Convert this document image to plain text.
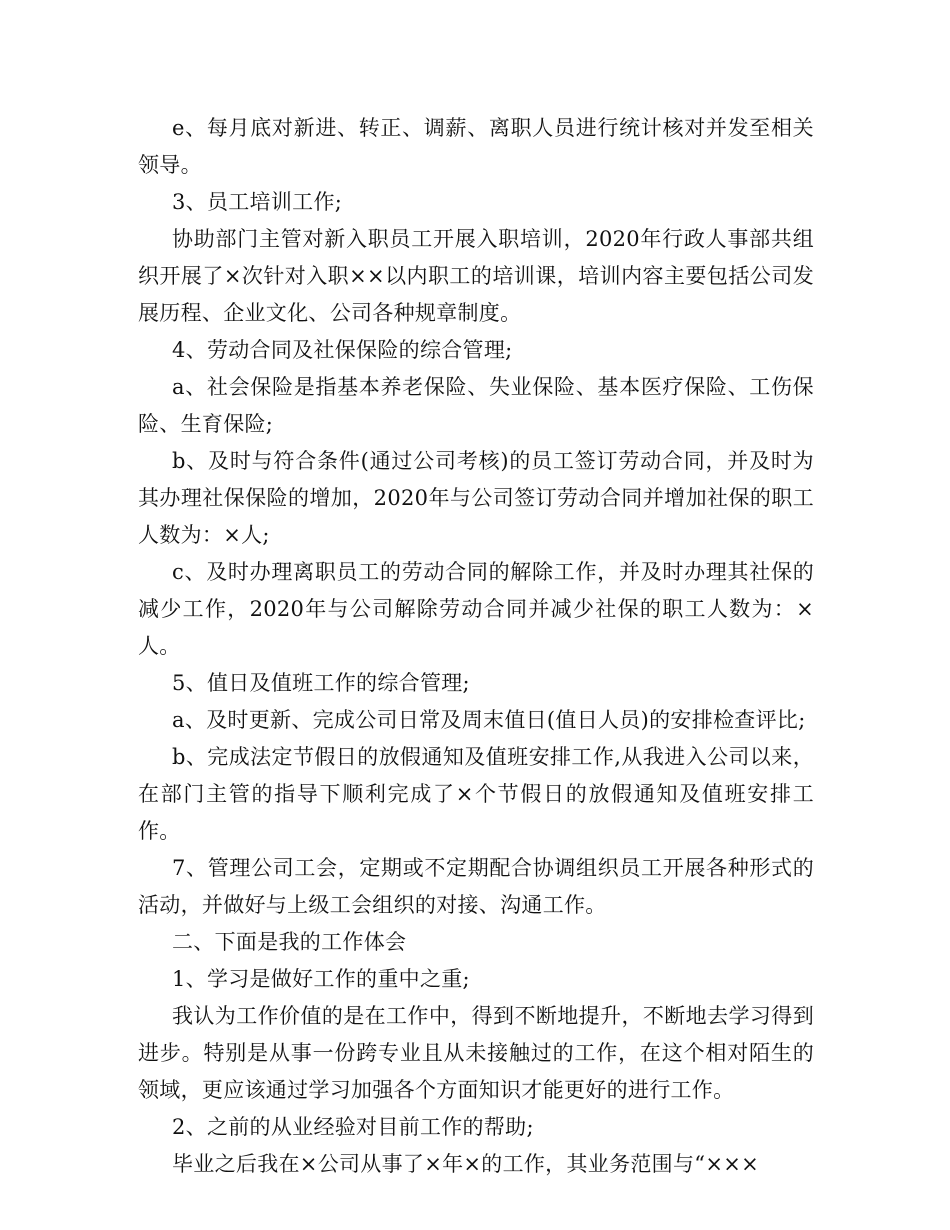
e、每月底对新进、转正、调薪、离职人员进行统计核对并发至相关领导。

3、员工培训工作;

协助部门主管对新入职员工开展入职培训，2020年行政人事部共组织开展了×次针对入职××以内职工的培训课，培训内容主要包括公司发展历程、企业文化、公司各种规章制度。

4、劳动合同及社保保险的综合管理;

a、社会保险是指基本养老保险、失业保险、基本医疗保险、工伤保险、生育保险;

b、及时与符合条件(通过公司考核)的员工签订劳动合同，并及时为其办理社保保险的增加，2020年与公司签订劳动合同并增加社保的职工人数为：×人;

c、及时办理离职员工的劳动合同的解除工作，并及时办理其社保的减少工作，2020年与公司解除劳动合同并减少社保的职工人数为：×人。

5、值日及值班工作的综合管理;

a、及时更新、完成公司日常及周末值日(值日人员)的安排检查评比;

b、完成法定节假日的放假通知及值班安排工作,从我进入公司以来，在部门主管的指导下顺利完成了×个节假日的放假通知及值班安排工作。

7、管理公司工会，定期或不定期配合协调组织员工开展各种形式的活动，并做好与上级工会组织的对接、沟通工作。

二、下面是我的工作体会

1、学习是做好工作的重中之重;

我认为工作价值的是在工作中，得到不断地提升，不断地去学习得到进步。特别是从事一份跨专业且从未接触过的工作，在这个相对陌生的领域，更应该通过学习加强各个方面知识才能更好的进行工作。

2、之前的从业经验对目前工作的帮助;

毕业之后我在×公司从事了×年×的工作，其业务范围与“×××
